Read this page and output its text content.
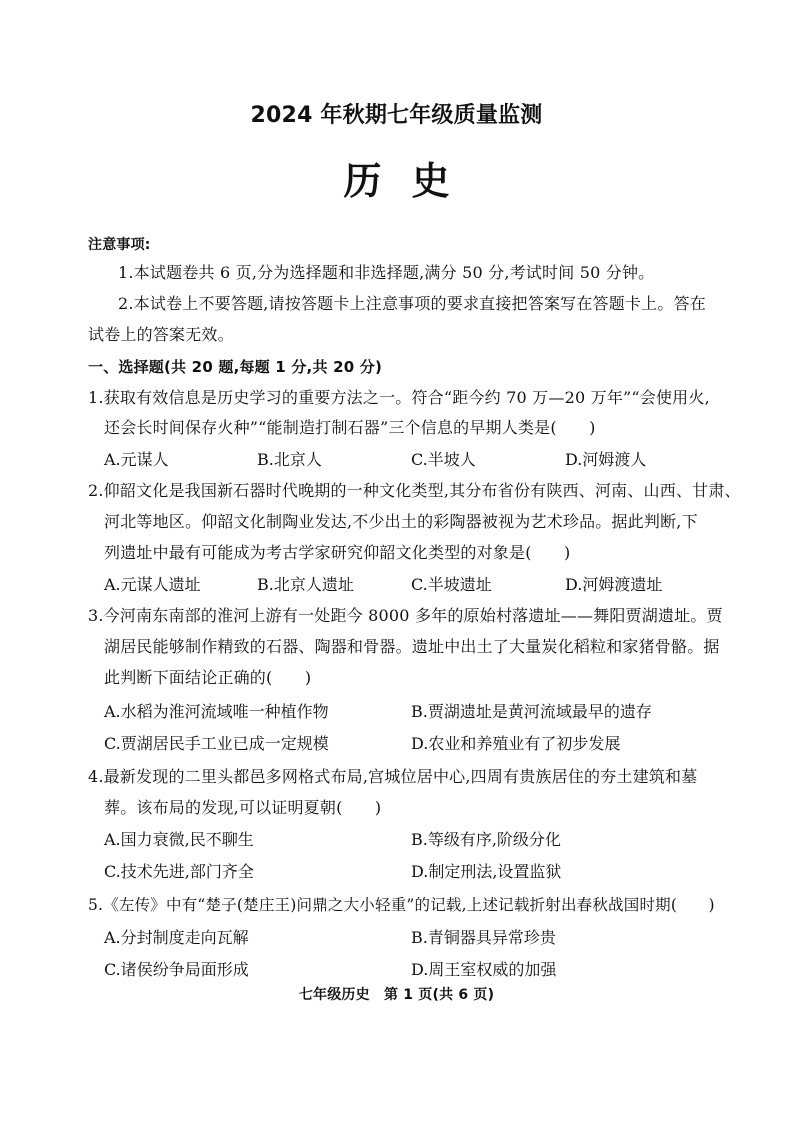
2024 年秋期七年级质量监测
历史
注意事项:
1.本试题卷共 6 页,分为选择题和非选择题,满分 50 分,考试时间 50 分钟。
2.本试卷上不要答题,请按答题卡上注意事项的要求直接把答案写在答题卡上。答在
试卷上的答案无效。
一、选择题(共 20 题,每题 1 分,共 20 分)
1.获取有效信息是历史学习的重要方法之一。符合“距今约 70 万—20 万年”“会使用火,
还会长时间保存火种”“能制造打制石器”三个信息的早期人类是(　　)
A.元谋人	B.北京人	C.半坡人	D.河姆渡人
2.仰韶文化是我国新石器时代晚期的一种文化类型,其分布省份有陕西、河南、山西、甘肃、
河北等地区。仰韶文化制陶业发达,不少出土的彩陶器被视为艺术珍品。据此判断,下
列遗址中最有可能成为考古学家研究仰韶文化类型的对象是(　　)
A.元谋人遗址	B.北京人遗址	C.半坡遗址	D.河姆渡遗址
3.今河南东南部的淮河上游有一处距今 8000 多年的原始村落遗址——舞阳贾湖遗址。贾
湖居民能够制作精致的石器、陶器和骨器。遗址中出土了大量炭化稻粒和家猪骨骼。据
此判断下面结论正确的(　　)
A.水稻为淮河流域唯一种植作物	B.贾湖遗址是黄河流域最早的遗存
C.贾湖居民手工业已成一定规模	D.农业和养殖业有了初步发展
4.最新发现的二里头都邑多网格式布局,宫城位居中心,四周有贵族居住的夯土建筑和墓
葬。该布局的发现,可以证明夏朝(　　)
A.国力衰微,民不聊生	B.等级有序,阶级分化
C.技术先进,部门齐全	D.制定刑法,设置监狱
5.《左传》中有“楚子(楚庄王)问鼎之大小轻重”的记载,上述记载折射出春秋战国时期(　　)
A.分封制度走向瓦解	B.青铜器具异常珍贵
C.诸侯纷争局面形成	D.周王室权威的加强
七年级历史　第 1 页(共 6 页)
